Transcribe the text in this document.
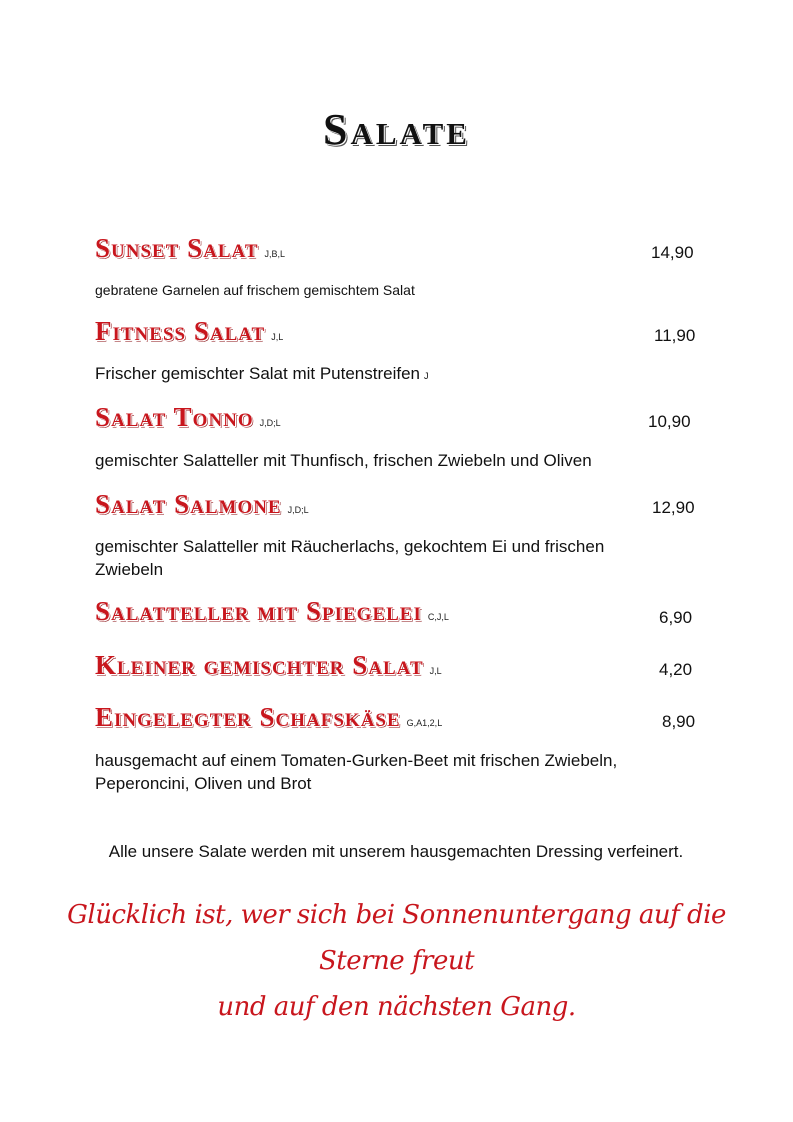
Salate
Sunset Salat J,B,L	14,90
gebratene Garnelen auf frischem gemischtem Salat
Fitness Salat J,L	11,90
Frischer gemischter Salat mit Putenstreifen J
Salat Tonno J,D;L	10,90
gemischter Salatteller mit Thunfisch, frischen Zwiebeln und Oliven
Salat Salmone J,D;L	12,90
gemischter Salatteller mit Räucherlachs, gekochtem Ei und frischen Zwiebeln
Salatteller mit Spiegelei C,J,L	6,90
Kleiner gemischter Salat J,L	4,20
Eingelegter Schafskäse G,A1,2,L	8,90
hausgemacht auf einem Tomaten-Gurken-Beet mit frischen Zwiebeln, Peperoncini, Oliven und Brot
Alle unsere Salate werden mit unserem hausgemachten Dressing verfeinert.
Glücklich ist, wer sich bei Sonnenuntergang auf die Sterne freut
und auf den nächsten Gang.
